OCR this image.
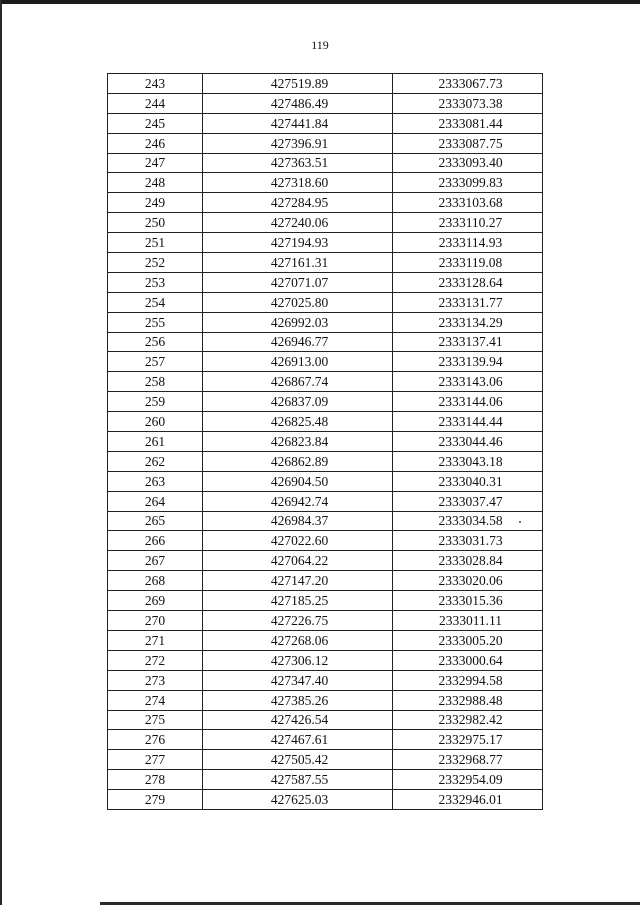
119
243	427519.89	2333067.73
244	427486.49	2333073.38
245	427441.84	2333081.44
246	427396.91	2333087.75
247	427363.51	2333093.40
248	427318.60	2333099.83
249	427284.95	2333103.68
250	427240.06	2333110.27
251	427194.93	2333114.93
252	427161.31	2333119.08
253	427071.07	2333128.64
254	427025.80	2333131.77
255	426992.03	2333134.29
256	426946.77	2333137.41
257	426913.00	2333139.94
258	426867.74	2333143.06
259	426837.09	2333144.06
260	426825.48	2333144.44
261	426823.84	2333044.46
262	426862.89	2333043.18
263	426904.50	2333040.31
264	426942.74	2333037.47
265	426984.37	2333034.58
266	427022.60	2333031.73
267	427064.22	2333028.84
268	427147.20	2333020.06
269	427185.25	2333015.36
270	427226.75	2333011.11
271	427268.06	2333005.20
272	427306.12	2333000.64
273	427347.40	2332994.58
274	427385.26	2332988.48
275	427426.54	2332982.42
276	427467.61	2332975.17
277	427505.42	2332968.77
278	427587.55	2332954.09
279	427625.03	2332946.01
